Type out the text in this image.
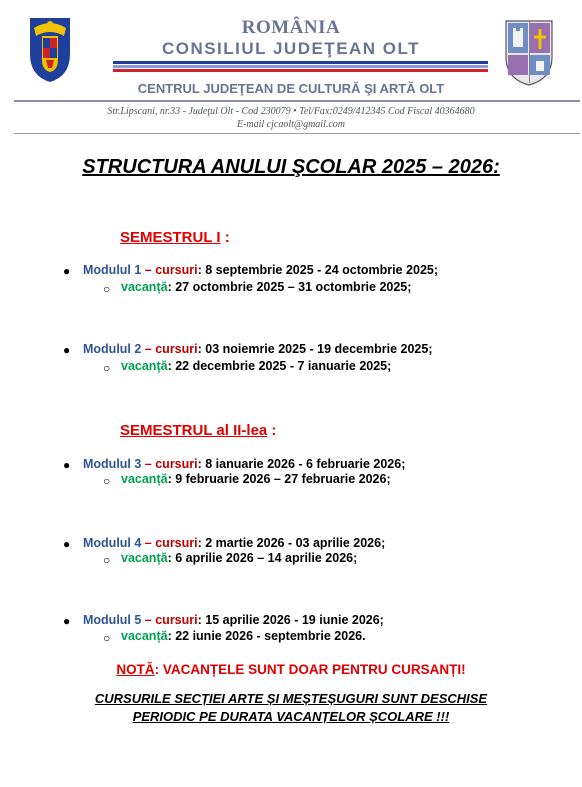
ROMÂNIA
CONSILIUL JUDEŢEAN OLT
CENTRUL JUDEŢEAN DE CULTURĂ ŞI ARTĂ OLT
Str.Lipscani, nr.33 - Judeţul Olt - Cod 230079 • Tel/Fax:0249/412345 Cod Fiscal 40364680
E-mail cjcaolt@gmail.com
STRUCTURA ANULUI ŞCOLAR 2025 – 2026:
SEMESTRUL I :
● Modulul 1 – cursuri: 8 septembrie 2025 - 24 octombrie 2025;
○ vacanță: 27 octombrie 2025 – 31 octombrie 2025;
● Modulul 2 – cursuri: 03 noiemrie 2025 - 19 decembrie 2025;
○ vacanță: 22 decembrie 2025 - 7 ianuarie 2025;
SEMESTRUL al II-lea :
● Modulul 3 – cursuri: 8 ianuarie 2026 - 6 februarie 2026;
○ vacanță: 9 februarie 2026 – 27 februarie 2026;
● Modulul 4 – cursuri: 2 martie 2026 - 03 aprilie 2026;
○ vacanță: 6 aprilie 2026 – 14 aprilie 2026;
● Modulul 5 – cursuri: 15 aprilie 2026 - 19 iunie 2026;
○ vacanță: 22 iunie 2026 - septembrie 2026.
NOTĂ: VACANȚELE SUNT DOAR PENTRU CURSANȚI!
CURSURILE SECȚIEI ARTE ȘI MEȘTEȘUGURI SUNT DESCHISE
PERIODIC PE DURATA VACANȚELOR ȘCOLARE !!!
